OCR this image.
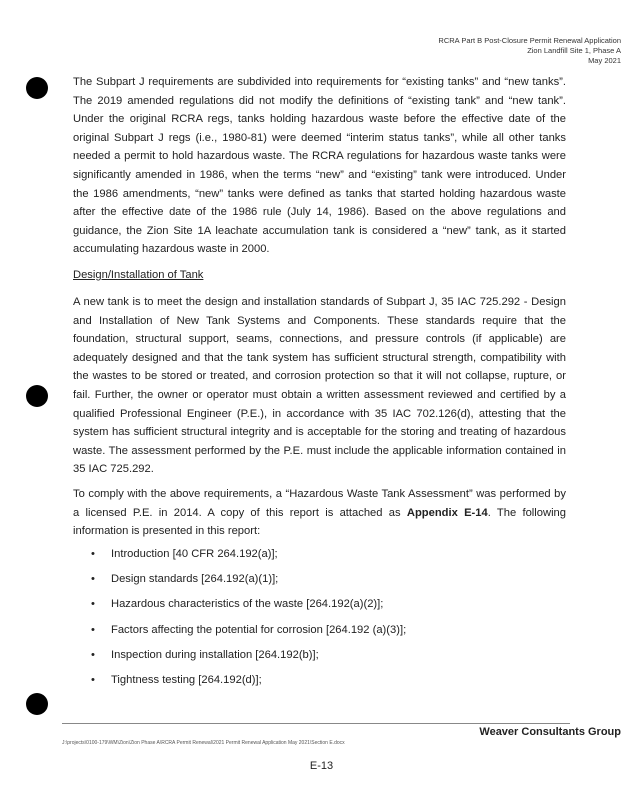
RCRA Part B Post-Closure Permit Renewal Application
Zion Landfill Site 1, Phase A
May 2021

The Subpart J requirements are subdivided into requirements for “existing tanks” and “new tanks”. The 2019 amended regulations did not modify the definitions of “existing tank” and “new tank”. Under the original RCRA regs, tanks holding hazardous waste before the effective date of the original Subpart J regs (i.e., 1980-81) were deemed “interim status tanks”, while all other tanks needed a permit to hold hazardous waste. The RCRA regulations for hazardous waste tanks were significantly amended in 1986, when the terms “new” and “existing” tank were introduced. Under the 1986 amendments, “new” tanks were defined as tanks that started holding hazardous waste after the effective date of the 1986 rule (July 14, 1986). Based on the above regulations and guidance, the Zion Site 1A leachate accumulation tank is considered a “new” tank, as it started accumulating hazardous waste in 2000.

Design/Installation of Tank

A new tank is to meet the design and installation standards of Subpart J, 35 IAC 725.292 - Design and Installation of New Tank Systems and Components. These standards require that the foundation, structural support, seams, connections, and pressure controls (if applicable) are adequately designed and that the tank system has sufficient structural strength, compatibility with the wastes to be stored or treated, and corrosion protection so that it will not collapse, rupture, or fail. Further, the owner or operator must obtain a written assessment reviewed and certified by a qualified Professional Engineer (P.E.), in accordance with 35 IAC 702.126(d), attesting that the system has sufficient structural integrity and is acceptable for the storing and treating of hazardous waste. The assessment performed by the P.E. must include the applicable information contained in 35 IAC 725.292.

To comply with the above requirements, a “Hazardous Waste Tank Assessment” was performed by a licensed P.E. in 2014. A copy of this report is attached as Appendix E-14. The following information is presented in this report:

• Introduction [40 CFR 264.192(a)];
• Design standards [264.192(a)(1)];
• Hazardous characteristics of the waste [264.192(a)(2)];
• Factors affecting the potential for corrosion [264.192 (a)(3)];
• Inspection during installation [264.192(b)];
• Tightness testing [264.192(d)];
Weaver Consultants Group
J:\projects\0100-179\WM\Zion\Zion Phase A\RCRA Permit Renewal\2021 Permit Renewal Application May 2021\Section E.docx
E-13
